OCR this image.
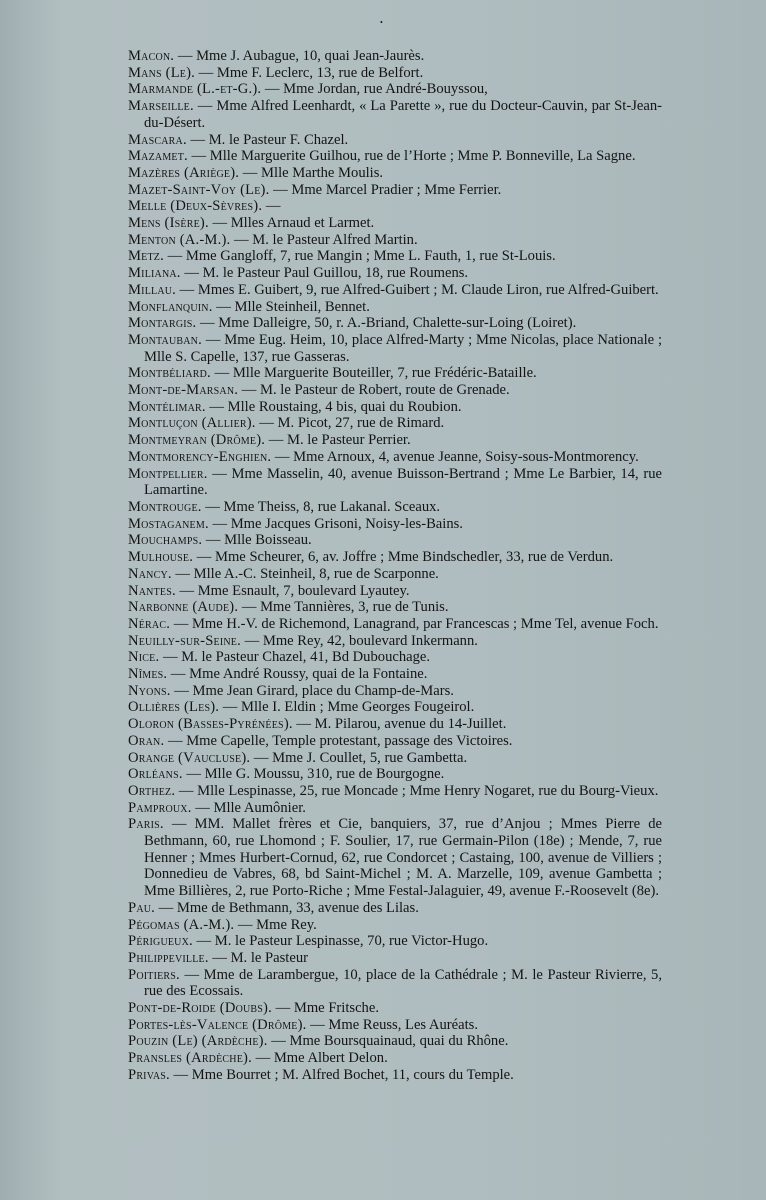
•
Macon. — Mme J. Aubague, 10, quai Jean-Jaurès.
Mans (Le). — Mme F. Leclerc, 13, rue de Belfort.
Marmande (L.-et-G.). — Mme Jordan, rue André-Bouyssou,
Marseille. — Mme Alfred Leenhardt, « La Parette », rue du Docteur-Cauvin, par St-Jean-du-Désert.
Mascara. — M. le Pasteur F. Chazel.
Mazamet. — Mlle Marguerite Guilhou, rue de l’Horte ; Mme P. Bonneville, La Sagne.
Mazères (Ariège). — Mlle Marthe Moulis.
Mazet-Saint-Voy (Le). — Mme Marcel Pradier ; Mme Ferrier.
Melle (Deux-Sèvres). —
Mens (Isère). — Mlles Arnaud et Larmet.
Menton (A.-M.). — M. le Pasteur Alfred Martin.
Metz. — Mme Gangloff, 7, rue Mangin ; Mme L. Fauth, 1, rue St-Louis.
Miliana. — M. le Pasteur Paul Guillou, 18, rue Roumens.
Millau. — Mmes E. Guibert, 9, rue Alfred-Guibert ; M. Claude Liron, rue Alfred-Guibert.
Monflanquin. — Mlle Steinheil, Bennet.
Montargis. — Mme Dalleigre, 50, r. A.-Briand, Chalette-sur-Loing (Loiret).
Montauban. — Mme Eug. Heim, 10, place Alfred-Marty ; Mme Nicolas, place Nationale ; Mlle S. Capelle, 137, rue Gasseras.
Montbéliard. — Mlle Marguerite Bouteiller, 7, rue Frédéric-Bataille.
Mont-de-Marsan. — M. le Pasteur de Robert, route de Grenade.
Montélimar. — Mlle Roustaing, 4 bis, quai du Roubion.
Montluçon (Allier). — M. Picot, 27, rue de Rimard.
Montmeyran (Drôme). — M. le Pasteur Perrier.
Montmorency-Enghien. — Mme Arnoux, 4, avenue Jeanne, Soisy-sous-Montmorency.
Montpellier. — Mme Masselin, 40, avenue Buisson-Bertrand ; Mme Le Barbier, 14, rue Lamartine.
Montrouge. — Mme Theiss, 8, rue Lakanal. Sceaux.
Mostaganem. — Mme Jacques Grisoni, Noisy-les-Bains.
Mouchamps. — Mlle Boisseau.
Mulhouse. — Mme Scheurer, 6, av. Joffre ; Mme Bindschedler, 33, rue de Verdun.
Nancy. — Mlle A.-C. Steinheil, 8, rue de Scarponne.
Nantes. — Mme Esnault, 7, boulevard Lyautey.
Narbonne (Aude). — Mme Tannières, 3, rue de Tunis.
Nérac. — Mme H.-V. de Richemond, Lanagrand, par Francescas ; Mme Tel, avenue Foch.
Neuilly-sur-Seine. — Mme Rey, 42, boulevard Inkermann.
Nice. — M. le Pasteur Chazel, 41, Bd Dubouchage.
Nîmes. — Mme André Roussy, quai de la Fontaine.
Nyons. — Mme Jean Girard, place du Champ-de-Mars.
Ollières (Les). — Mlle I. Eldin ; Mme Georges Fougeirol.
Oloron (Basses-Pyrénées). — M. Pilarou, avenue du 14-Juillet.
Oran. — Mme Capelle, Temple protestant, passage des Victoires.
Orange (Vaucluse). — Mme J. Coullet, 5, rue Gambetta.
Orléans. — Mlle G. Moussu, 310, rue de Bourgogne.
Orthez. — Mlle Lespinasse, 25, rue Moncade ; Mme Henry Nogaret, rue du Bourg-Vieux.
Pamproux. — Mlle Aumônier.
Paris. — MM. Mallet frères et Cie, banquiers, 37, rue d’Anjou ; Mmes Pierre de Bethmann, 60, rue Lhomond ; F. Soulier, 17, rue Germain-Pilon (18e) ; Mende, 7, rue Henner ; Mmes Hurbert-Cornud, 62, rue Condorcet ; Castaing, 100, avenue de Villiers ; Donnedieu de Vabres, 68, bd Saint-Michel ; M. A. Marzelle, 109, avenue Gambetta ; Mme Billières, 2, rue Porto-Riche ; Mme Festal-Jalaguier, 49, avenue F.-Roosevelt (8e).
Pau. — Mme de Bethmann, 33, avenue des Lilas.
Pégomas (A.-M.). — Mme Rey.
Périgueux. — M. le Pasteur Lespinasse, 70, rue Victor-Hugo.
Philippeville. — M. le Pasteur
Poitiers. — Mme de Larambergue, 10, place de la Cathédrale ; M. le Pasteur Rivierre, 5, rue des Ecossais.
Pont-de-Roide (Doubs). — Mme Fritsche.
Portes-lès-Valence (Drôme). — Mme Reuss, Les Auréats.
Pouzin (Le) (Ardèche). — Mme Boursquainaud, quai du Rhône.
Pransles (Ardèche). — Mme Albert Delon.
Privas. — Mme Bourret ; M. Alfred Bochet, 11, cours du Temple.
